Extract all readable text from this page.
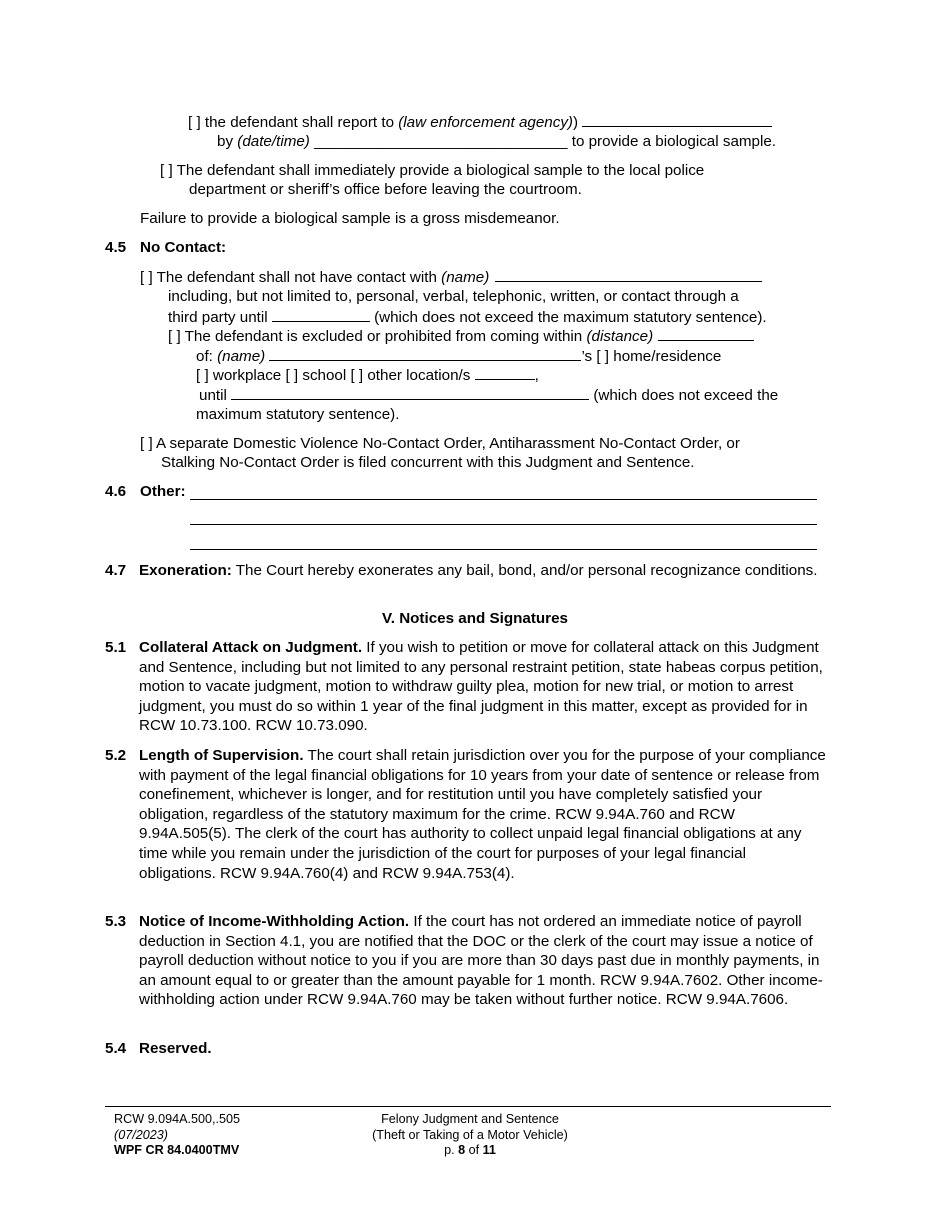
[ ] the defendant shall report to (law enforcement agency))
by (date/time) ______________________________ to provide a biological sample.
[ ] The defendant shall immediately provide a biological sample to the local police
department or sheriff’s office before leaving the courtroom.
Failure to provide a biological sample is a gross misdemeanor.
4.5 No Contact:
[ ] The defendant shall not have contact with (name)
including, but not limited to, personal, verbal, telephonic, written, or contact through a
third party until	(which does not exceed the maximum statutory sentence).
[ ] The defendant is excluded or prohibited from coming within (distance)
of: (name)	’s [ ] home/residence
[ ] workplace [ ] school [ ] other location/s	,
until	(which does not exceed the
maximum statutory sentence).
[ ] A separate Domestic Violence No-Contact Order, Antiharassment No-Contact Order, or
Stalking No-Contact Order is filed concurrent with this Judgment and Sentence.
4.6 Other:
4.7 Exoneration: The Court hereby exonerates any bail, bond, and/or personal recognizance conditions.
V. Notices and Signatures
5.1 Collateral Attack on Judgment. If you wish to petition or move for collateral attack on this Judgment and Sentence, including but not limited to any personal restraint petition, state habeas corpus petition, motion to vacate judgment, motion to withdraw guilty plea, motion for new trial, or motion to arrest judgment, you must do so within 1 year of the final judgment in this matter, except as provided for in RCW 10.73.100. RCW 10.73.090.
5.2 Length of Supervision. The court shall retain jurisdiction over you for the purpose of your compliance with payment of the legal financial obligations for 10 years from your date of sentence or release from conefinement, whichever is longer, and for restitution until you have completely satisfied your obligation, regardless of the statutory maximum for the crime. RCW 9.94A.760 and RCW 9.94A.505(5). The clerk of the court has authority to collect unpaid legal financial obligations at any time while you remain under the jurisdiction of the court for purposes of your legal financial obligations. RCW 9.94A.760(4) and RCW 9.94A.753(4).
5.3 Notice of Income-Withholding Action. If the court has not ordered an immediate notice of payroll deduction in Section 4.1, you are notified that the DOC or the clerk of the court may issue a notice of payroll deduction without notice to you if you are more than 30 days past due in monthly payments, in an amount equal to or greater than the amount payable for 1 month. RCW 9.94A.7602. Other income-withholding action under RCW 9.94A.760 may be taken without further notice. RCW 9.94A.7606.
5.4 Reserved.
RCW 9.094A.500,.505
(07/2023)
WPF CR 84.0400TMV
Felony Judgment and Sentence
(Theft or Taking of a Motor Vehicle)
p. 8 of 11
